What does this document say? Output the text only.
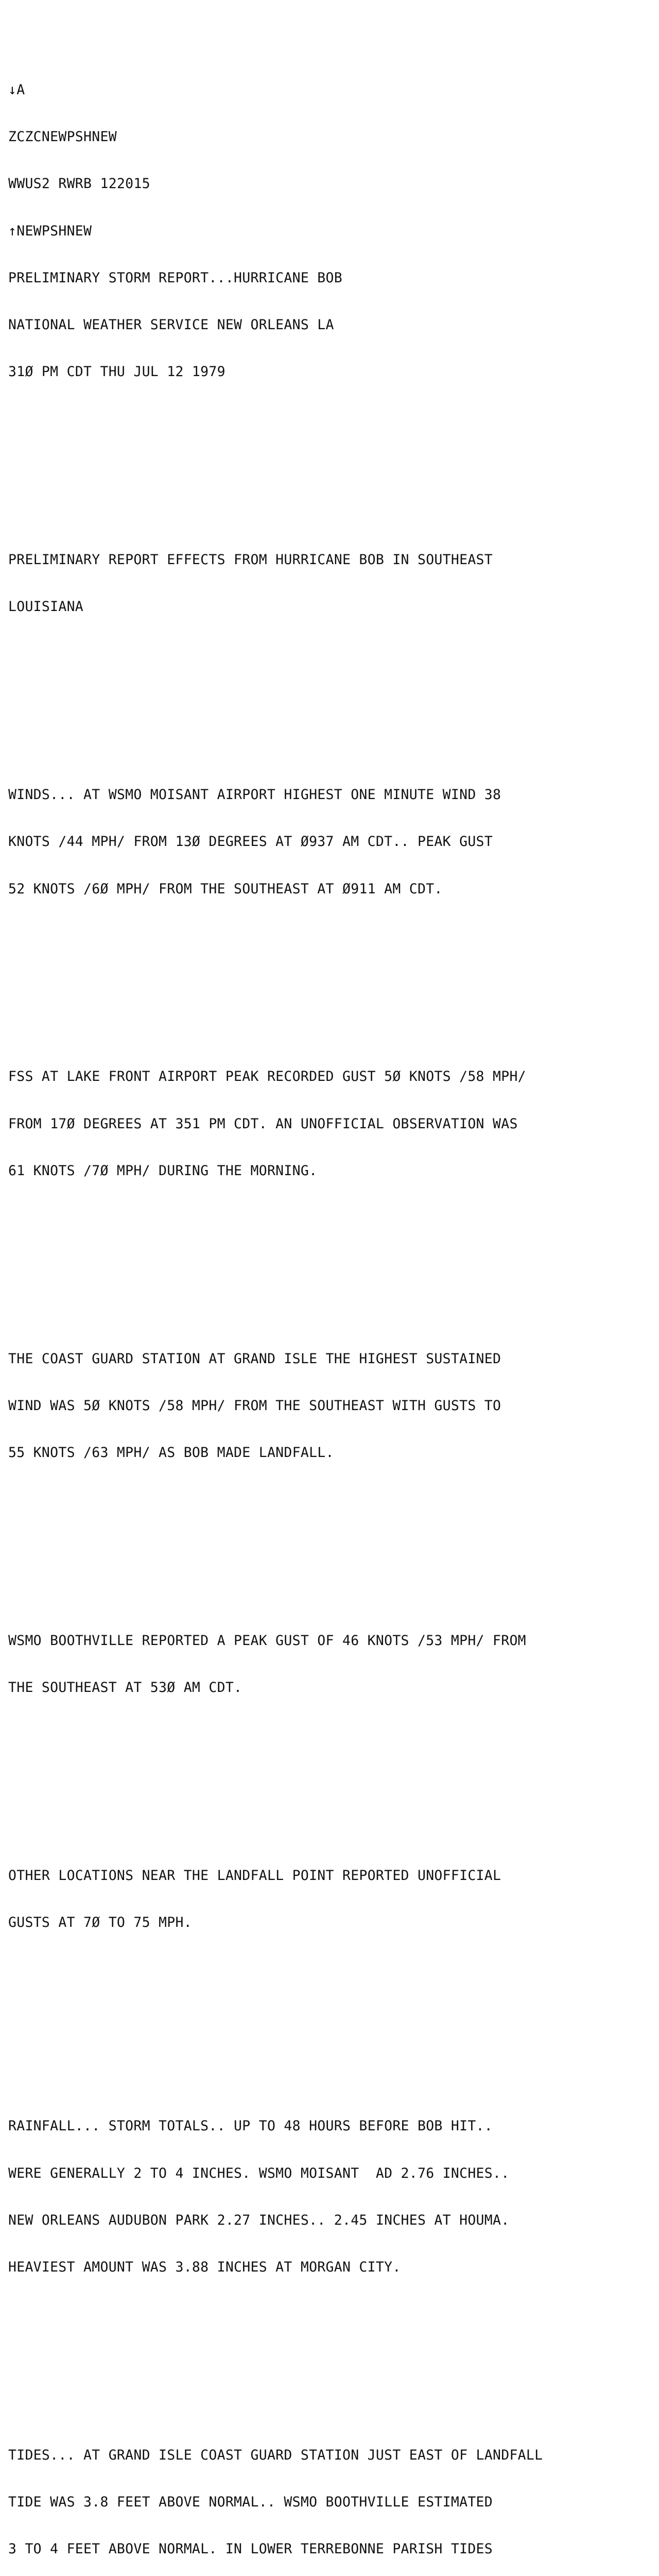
↓A

ZCZCNEWPSHNEW

WWUS2 RWRB 122015

↑NEWPSHNEW

PRELIMINARY STORM REPORT...HURRICANE BOB

NATIONAL WEATHER SERVICE NEW ORLEANS LA

31Ø PM CDT THU JUL 12 1979

PRELIMINARY REPORT EFFECTS FROM HURRICANE BOB IN SOUTHEAST

LOUISIANA

WINDS... AT WSMO MOISANT AIRPORT HIGHEST ONE MINUTE WIND 38

KNOTS /44 MPH/ FROM 13Ø DEGREES AT Ø937 AM CDT.. PEAK GUST

52 KNOTS /6Ø MPH/ FROM THE SOUTHEAST AT Ø911 AM CDT.

FSS AT LAKE FRONT AIRPORT PEAK RECORDED GUST 5Ø KNOTS /58 MPH/

FROM 17Ø DEGREES AT 351 PM CDT. AN UNOFFICIAL OBSERVATION WAS

61 KNOTS /7Ø MPH/ DURING THE MORNING.

THE COAST GUARD STATION AT GRAND ISLE THE HIGHEST SUSTAINED

WIND WAS 5Ø KNOTS /58 MPH/ FROM THE SOUTHEAST WITH GUSTS TO

55 KNOTS /63 MPH/ AS BOB MADE LANDFALL.

WSMO BOOTHVILLE REPORTED A PEAK GUST OF 46 KNOTS /53 MPH/ FROM

THE SOUTHEAST AT 53Ø AM CDT.

OTHER LOCATIONS NEAR THE LANDFALL POINT REPORTED UNOFFICIAL

GUSTS AT 7Ø TO 75 MPH.

RAINFALL... STORM TOTALS.. UP TO 48 HOURS BEFORE BOB HIT..

WERE GENERALLY 2 TO 4 INCHES. WSMO MOISANT  AD 2.76 INCHES..

NEW ORLEANS AUDUBON PARK 2.27 INCHES.. 2.45 INCHES AT HOUMA.

HEAVIEST AMOUNT WAS 3.88 INCHES AT MORGAN CITY.

TIDES... AT GRAND ISLE COAST GUARD STATION JUST EAST OF LANDFALL

TIDE WAS 3.8 FEET ABOVE NORMAL.. WSMO BOOTHVILLE ESTIMATED

3 TO 4 FEET ABOVE NORMAL. IN LOWER TERREBONNE PARISH TIDES
